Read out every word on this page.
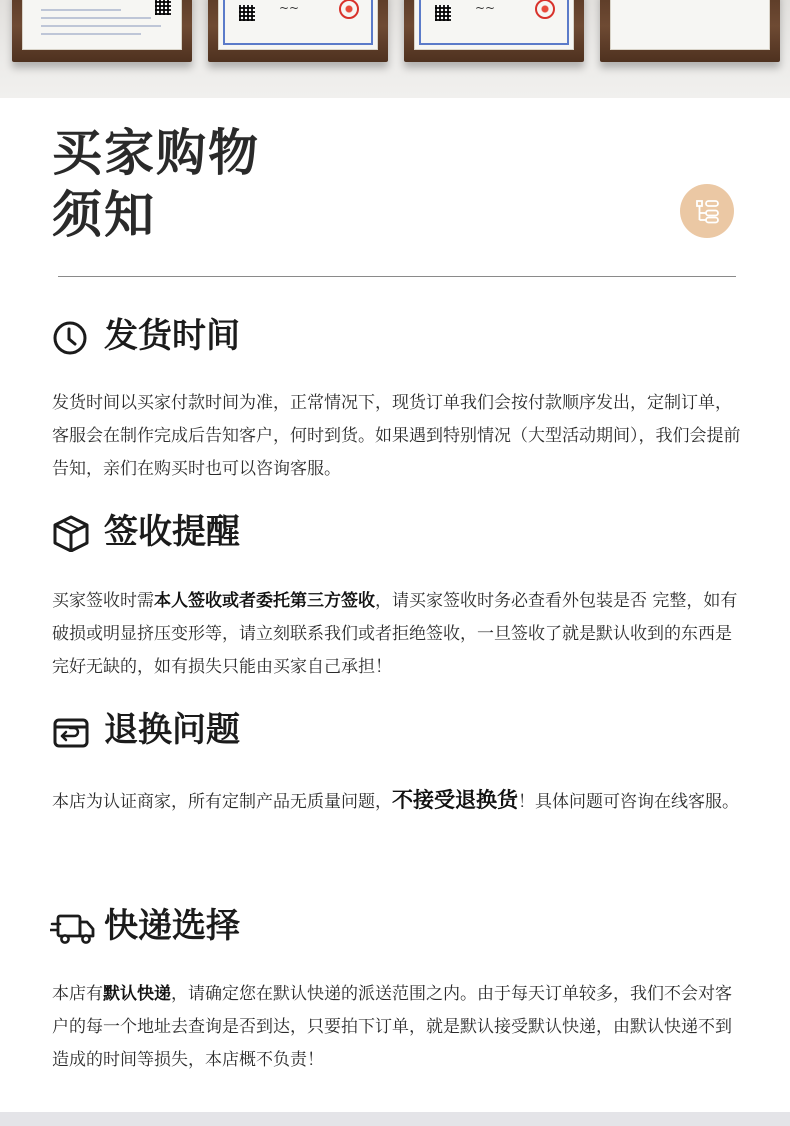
~~	~~
买家购物
须知
发货时间

发货时间以买家付款时间为准，正常情况下，现货订单我们会按付款顺序发出，定制订单，客服会在制作完成后告知客户，何时到货。如果遇到特别情况（大型活动期间），我们会提前告知，亲们在购买时也可以咨询客服。

签收提醒

买家签收时需本人签收或者委托第三方签收，请买家签收时务必查看外包装是否 完整，如有破损或明显挤压变形等，请立刻联系我们或者拒绝签收，一旦签收了就是默认收到的东西是完好无缺的，如有损失只能由买家自己承担！

退换问题

本店为认证商家，所有定制产品无质量问题，不接受退换货！具体问题可咨询在线客服。

快递选择

本店有默认快递，请确定您在默认快递的派送范围之内。由于每天订单较多，我们不会对客户的每一个地址去查询是否到达，只要拍下订单，就是默认接受默认快递，由默认快递不到造成的时间等损失，本店概不负责！
